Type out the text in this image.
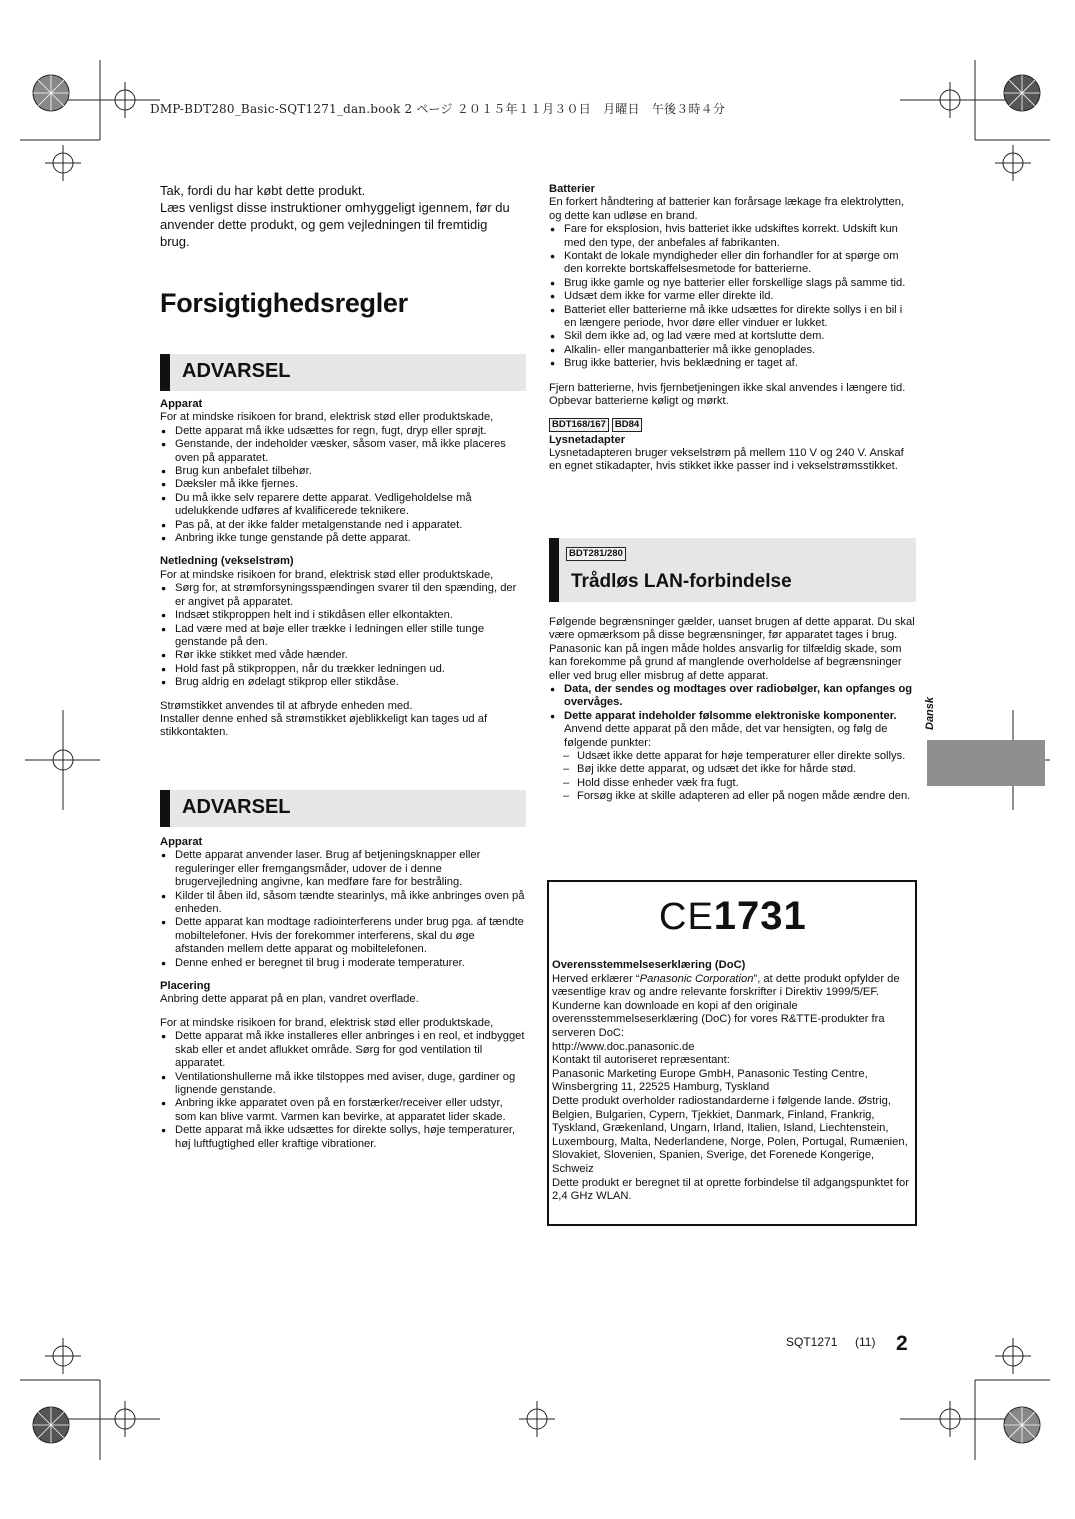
DMP-BDT280_Basic-SQT1271_dan.book 2 ページ ２０１５年１１月３０日　月曜日　午後３時４分

Tak, fordi du har købt dette produkt.

Læs venligst disse instruktioner omhyggeligt igennem, før du anvender dette produkt, og gem vejledningen til fremtidig brug.

Forsigtighedsregler
ADVARSEL

Apparat

For at mindske risikoen for brand, elektrisk stød eller produktskade,

● Dette apparat må ikke udsættes for regn, fugt, dryp eller sprøjt.
● Genstande, der indeholder væsker, såsom vaser, må ikke placeres oven på apparatet.
● Brug kun anbefalet tilbehør.
● Dæksler må ikke fjernes.
● Du må ikke selv reparere dette apparat. Vedligeholdelse må udelukkende udføres af kvalificerede teknikere.
● Pas på, at der ikke falder metalgenstande ned i apparatet.
● Anbring ikke tunge genstande på dette apparat.

Netledning (vekselstrøm)

For at mindske risikoen for brand, elektrisk stød eller produktskade,

● Sørg for, at strømforsyningsspændingen svarer til den spænding, der er angivet på apparatet.
● Indsæt stikproppen helt ind i stikdåsen eller elkontakten.
● Lad være med at bøje eller trække i ledningen eller stille tunge genstande på den.
● Rør ikke stikket med våde hænder.
● Hold fast på stikproppen, når du trækker ledningen ud.
● Brug aldrig en ødelagt stikprop eller stikdåse.

Strømstikket anvendes til at afbryde enheden med.

Installer denne enhed så strømstikket øjeblikkeligt kan tages ud af stikkontakten.

ADVARSEL

Apparat

● Dette apparat anvender laser. Brug af betjeningsknapper eller reguleringer eller fremgangsmåder, udover de i denne brugervejledning angivne, kan medføre fare for bestråling.
● Kilder til åben ild, såsom tændte stearinlys, må ikke anbringes oven på enheden.
● Dette apparat kan modtage radiointerferens under brug pga. af tændte mobiltelefoner. Hvis der forekommer interferens, skal du øge afstanden mellem dette apparat og mobiltelefonen.
● Denne enhed er beregnet til brug i moderate temperaturer.

Placering

Anbring dette apparat på en plan, vandret overflade.

For at mindske risikoen for brand, elektrisk stød eller produktskade,

● Dette apparat må ikke installeres eller anbringes i en reol, et indbygget skab eller et andet aflukket område. Sørg for god ventilation til apparatet.
● Ventilationshullerne må ikke tilstoppes med aviser, duge, gardiner og lignende genstande.
● Anbring ikke apparatet oven på en forstærker/receiver eller udstyr, som kan blive varmt. Varmen kan bevirke, at apparatet lider skade.
● Dette apparat må ikke udsættes for direkte sollys, høje temperaturer, høj luftfugtighed eller kraftige vibrationer.

Batterier

En forkert håndtering af batterier kan forårsage lækage fra elektrolytten, og dette kan udløse en brand.

● Fare for eksplosion, hvis batteriet ikke udskiftes korrekt. Udskift kun med den type, der anbefales af fabrikanten.
● Kontakt de lokale myndigheder eller din forhandler for at spørge om den korrekte bortskaffelsesmetode for batterierne.
● Brug ikke gamle og nye batterier eller forskellige slags på samme tid.
● Udsæt dem ikke for varme eller direkte ild.
● Batteriet eller batterierne må ikke udsættes for direkte sollys i en bil i en længere periode, hvor døre eller vinduer er lukket.
● Skil dem ikke ad, og lad være med at kortslutte dem.
● Alkalin- eller manganbatterier må ikke genoplades.
● Brug ikke batterier, hvis beklædning er taget af.

Fjern batterierne, hvis fjernbetjeningen ikke skal anvendes i længere tid. Opbevar batterierne køligt og mørkt.

BDT168/167 BD84

Lysnetadapter

Lysnetadapteren bruger vekselstrøm på mellem 110 V og 240 V. Anskaf en egnet stikadapter, hvis stikket ikke passer ind i vekselstrømsstikket.

BDT281/280
Trådløs LAN-forbindelse

Følgende begrænsninger gælder, uanset brugen af dette apparat. Du skal være opmærksom på disse begrænsninger, før apparatet tages i brug.

Panasonic kan på ingen måde holdes ansvarlig for tilfældig skade, som kan forekomme på grund af manglende overholdelse af begrænsninger eller ved brug eller misbrug af dette apparat.

● Data, der sendes og modtages over radiobølger, kan opfanges og overvåges.
● Dette apparat indeholder følsomme elektroniske komponenter.

Anvend dette apparat på den måde, det var hensigten, og følg de følgende punkter:

– Udsæt ikke dette apparat for høje temperaturer eller direkte sollys.
– Bøj ikke dette apparat, og udsæt det ikke for hårde stød.
– Hold disse enheder væk fra fugt.
– Forsøg ikke at skille adapteren ad eller på nogen måde ændre den.
CE1731

Overensstemmelseserklæring (DoC)

Herved erklærer “Panasonic Corporation”, at dette produkt opfylder de væsentlige krav og andre relevante forskrifter i Direktiv 1999/5/EF.

Kunderne kan downloade en kopi af den originale overensstemmelseserklæring (DoC) for vores R&TTE-produkter fra serveren DoC:

http://www.doc.panasonic.de

Kontakt til autoriseret repræsentant:

Panasonic Marketing Europe GmbH, Panasonic Testing Centre, Winsbergring 11, 22525 Hamburg, Tyskland

Dette produkt overholder radiostandarderne i følgende lande. Østrig, Belgien, Bulgarien, Cypern, Tjekkiet, Danmark, Finland, Frankrig, Tyskland, Grækenland, Ungarn, Irland, Italien, Island, Liechtenstein, Luxembourg, Malta, Nederlandene, Norge, Polen, Portugal, Rumænien, Slovakiet, Slovenien, Spanien, Sverige, det Forenede Kongerige, Schweiz

Dette produkt er beregnet til at oprette forbindelse til adgangspunktet for 2,4 GHz WLAN.

Dansk
SQT1271 (11) 2
